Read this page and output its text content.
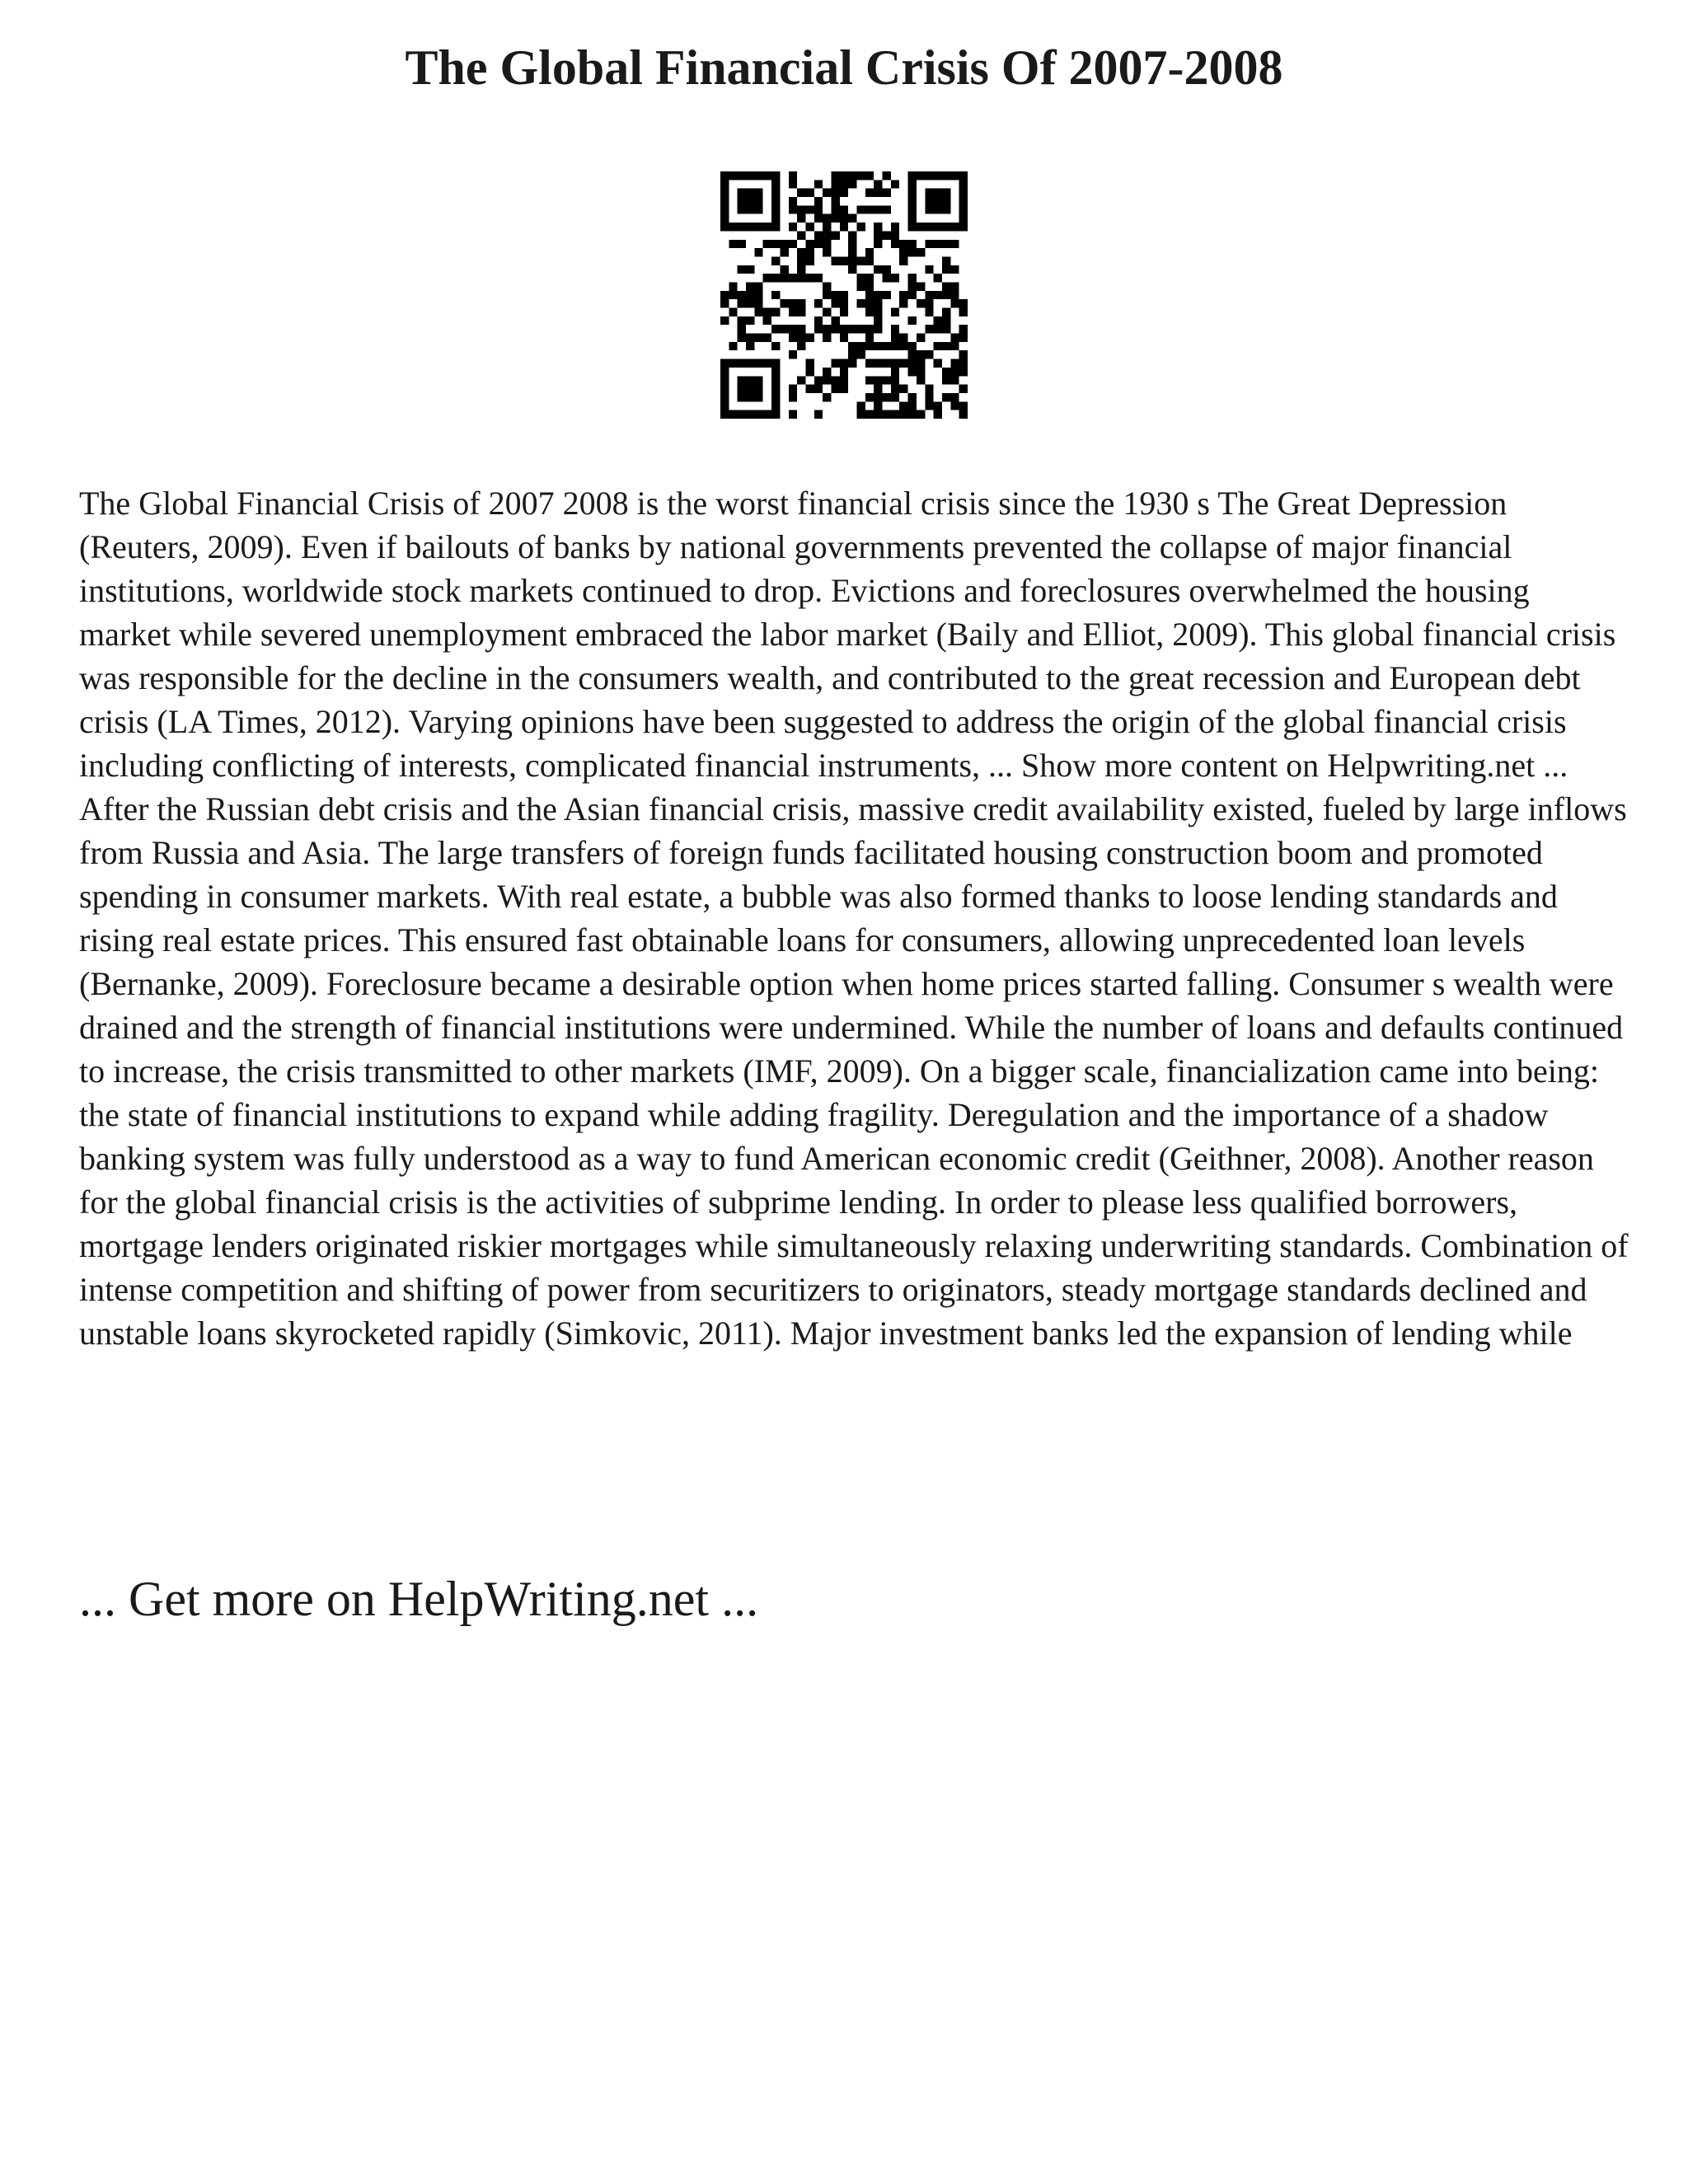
The Global Financial Crisis Of 2007-2008

The Global Financial Crisis of 2007 2008 is the worst financial crisis since the 1930 s The Great Depression (Reuters, 2009). Even if bailouts of banks by national governments prevented the collapse of major financial institutions, worldwide stock markets continued to drop. Evictions and foreclosures overwhelmed the housing market while severed unemployment embraced the labor market (Baily and Elliot, 2009). This global financial crisis was responsible for the decline in the consumers wealth, and contributed to the great recession and European debt crisis (LA Times, 2012). Varying opinions have been suggested to address the origin of the global financial crisis including conflicting of interests, complicated financial instruments, ... Show more content on Helpwriting.net ...

After the Russian debt crisis and the Asian financial crisis, massive credit availability existed, fueled by large inflows from Russia and Asia. The large transfers of foreign funds facilitated housing construction boom and promoted spending in consumer markets. With real estate, a bubble was also formed thanks to loose lending standards and rising real estate prices. This ensured fast obtainable loans for consumers, allowing unprecedented loan levels (Bernanke, 2009). Foreclosure became a desirable option when home prices started falling. Consumer s wealth were drained and the strength of financial institutions were undermined. While the number of loans and defaults continued to increase, the crisis transmitted to other markets (IMF, 2009). On a bigger scale, financialization came into being: the state of financial institutions to expand while adding fragility. Deregulation and the importance of a shadow banking system was fully understood as a way to fund American economic credit (Geithner, 2008). Another reason for the global financial crisis is the activities of subprime lending. In order to please less qualified borrowers, mortgage lenders originated riskier mortgages while simultaneously relaxing underwriting standards. Combination of intense competition and shifting of power from securitizers to originators, steady mortgage standards declined and unstable loans skyrocketed rapidly (Simkovic, 2011). Major investment banks led the expansion of lending while

... Get more on HelpWriting.net ...
